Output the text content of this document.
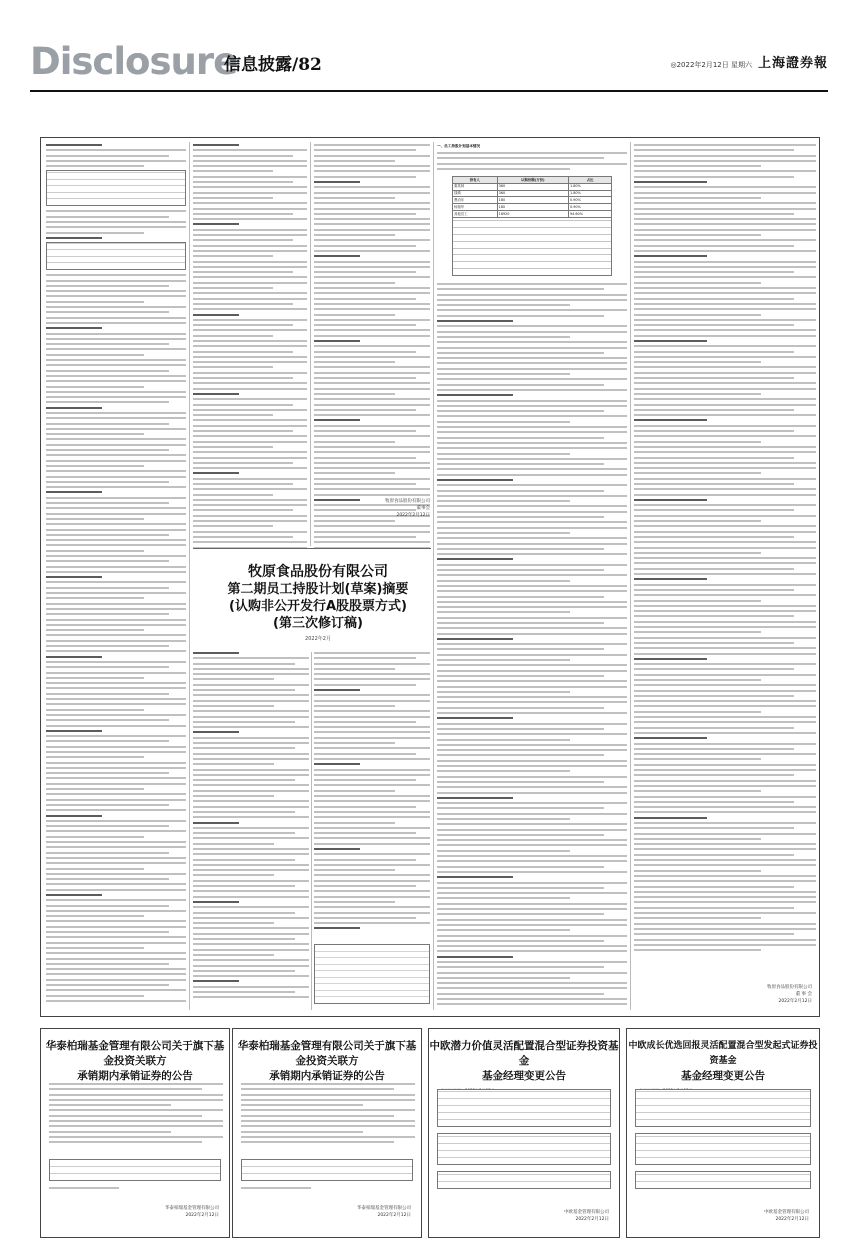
Disclosure
信息披露/82	◎2022年2月12日 星期六 上海證券報
牧原食品股份有限公司
董事会
2022年2月12日
牧原食品股份有限公司
第二期员工持股计划(草案)摘要
(认购非公开发行A股股票方式)
(第三次修订稿)
2022年2月

一、员工持股计划基本情况

持有人	认购份额(万份)	占比
秦英林	360	1.80%
钱瑛	360	1.80%
曹治年	180	0.90%
杨瑞华	180	0.90%
其他员工	18920	94.60%
牧原食品股份有限公司
董 事 会
2022年2月12日
华泰柏瑞基金管理有限公司关于旗下基金投资关联方
承销期内承销证券的公告
华泰柏瑞基金管理有限公司
2022年2月12日
华泰柏瑞基金管理有限公司关于旗下基金投资关联方
承销期内承销证券的公告
华泰柏瑞基金管理有限公司
2022年2月12日
中欧潜力价值灵活配置混合型证券投资基金
基金经理变更公告
中欧基金管理有限公司
2022年2月12日
中欧成长优选回报灵活配置混合型发起式证券投资基金
基金经理变更公告
中欧基金管理有限公司
2022年2月12日
